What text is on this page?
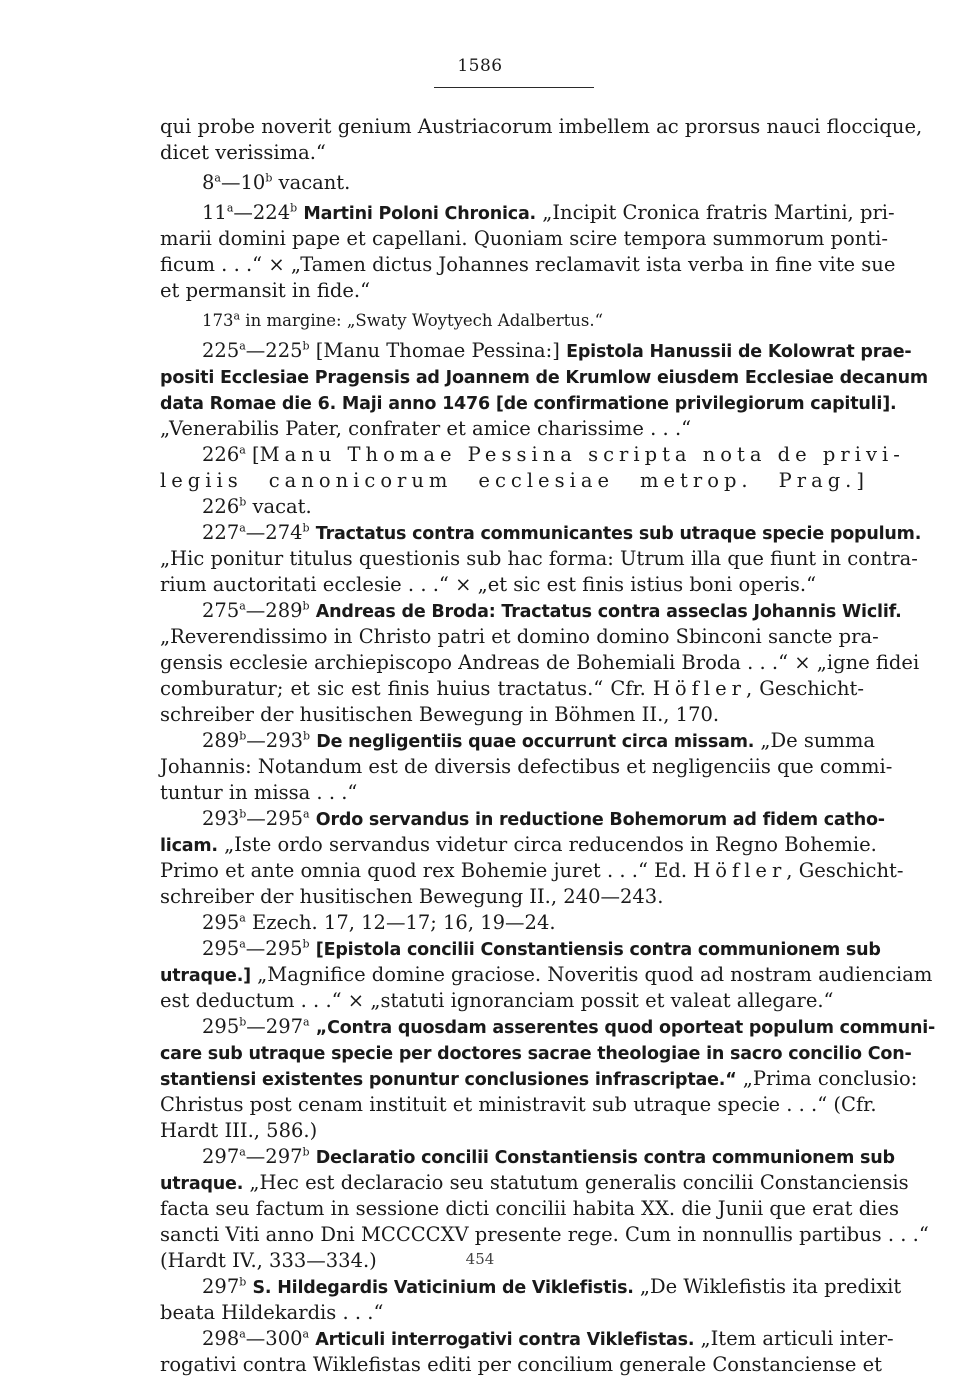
1586
qui probe noverit genium Austriacorum imbellem ac prorsus nauci floccique,
dicet verissima.“
8$^a$—10$^b$ vacant.
11$^a$—224$^b$ Martini Poloni Chronica. „Incipit Cronica fratris Martini, pri-
marii domini pape et capellani. Quoniam scire tempora summorum ponti-
ficum . . .“ × „Tamen dictus Johannes reclamavit ista verba in fine vite sue
et permansit in fide.“
173$^a$ in margine: „Swaty Woytyech Adalbertus.“
225$^a$—225$^b$ [Manu Thomae Pessina:] Epistola Hanussii de Kolowrat prae-
positi Ecclesiae Pragensis ad Joannem de Krumlow eiusdem Ecclesiae decanum
data Romae die 6. Maji anno 1476 [de confirmatione privilegiorum capituli].
„Venerabilis Pater, confrater et amice charissime . . .“
226$^a$ [Manu Thomae Pessina scripta nota de privi-
legiis canonicorum ecclesiae metrop. Prag.]
226$^b$ vacat.
227$^a$—274$^b$ Tractatus contra communicantes sub utraque specie populum.
„Hic ponitur titulus questionis sub hac forma: Utrum illa que fiunt in contra-
rium auctoritati ecclesie . . .“ × „et sic est finis istius boni operis.“
275$^a$—289$^b$ Andreas de Broda: Tractatus contra asseclas Johannis Wiclif.
„Reverendissimo in Christo patri et domino domino Sbinconi sancte pra-
gensis ecclesie archiepiscopo Andreas de Bohemiali Broda . . .“ × „igne fidei
comburatur; et sic est finis huius tractatus.“ Cfr. Höfler, Geschicht-
schreiber der husitischen Bewegung in Böhmen II., 170.
289$^b$—293$^b$ De negligentiis quae occurrunt circa missam. „De summa
Johannis: Notandum est de diversis defectibus et negligenciis que commi-
tuntur in missa . . .“
293$^b$—295$^a$ Ordo servandus in reductione Bohemorum ad fidem catho-
licam. „Iste ordo servandus videtur circa reducendos in Regno Bohemie.
Primo et ante omnia quod rex Bohemie juret . . .“ Ed. Höfler, Geschicht-
schreiber der husitischen Bewegung II., 240—243.
295$^a$ Ezech. 17, 12—17; 16, 19—24.
295$^a$—295$^b$ [Epistola concilii Constantiensis contra communionem sub
utraque.] „Magnifice domine graciose. Noveritis quod ad nostram audienciam
est deductum . . .“ × „statuti ignoranciam possit et valeat allegare.“
295$^b$—297$^a$ „Contra quosdam asserentes quod oporteat populum communi-
care sub utraque specie per doctores sacrae theologiae in sacro concilio Con-
stantiensi existentes ponuntur conclusiones infrascriptae.“ „Prima conclusio:
Christus post cenam instituit et ministravit sub utraque specie . . .“ (Cfr.
Hardt III., 586.)
297$^a$—297$^b$ Declaratio concilii Constantiensis contra communionem sub
utraque. „Hec est declaracio seu statutum generalis concilii Constanciensis
facta seu factum in sessione dicti concilii habita XX. die Junii que erat dies
sancti Viti anno Dni MCCCCXV presente rege. Cum in nonnullis partibus . . .“
(Hardt IV., 333—334.)
297$^b$ S. Hildegardis Vaticinium de Viklefistis. „De Wiklefistis ita predixit
beata Hildekardis . . .“
298$^a$—300$^a$ Articuli interrogativi contra Viklefistas. „Item articuli inter-
rogativi contra Wiklefistas editi per concilium generale Constanciense et
454
